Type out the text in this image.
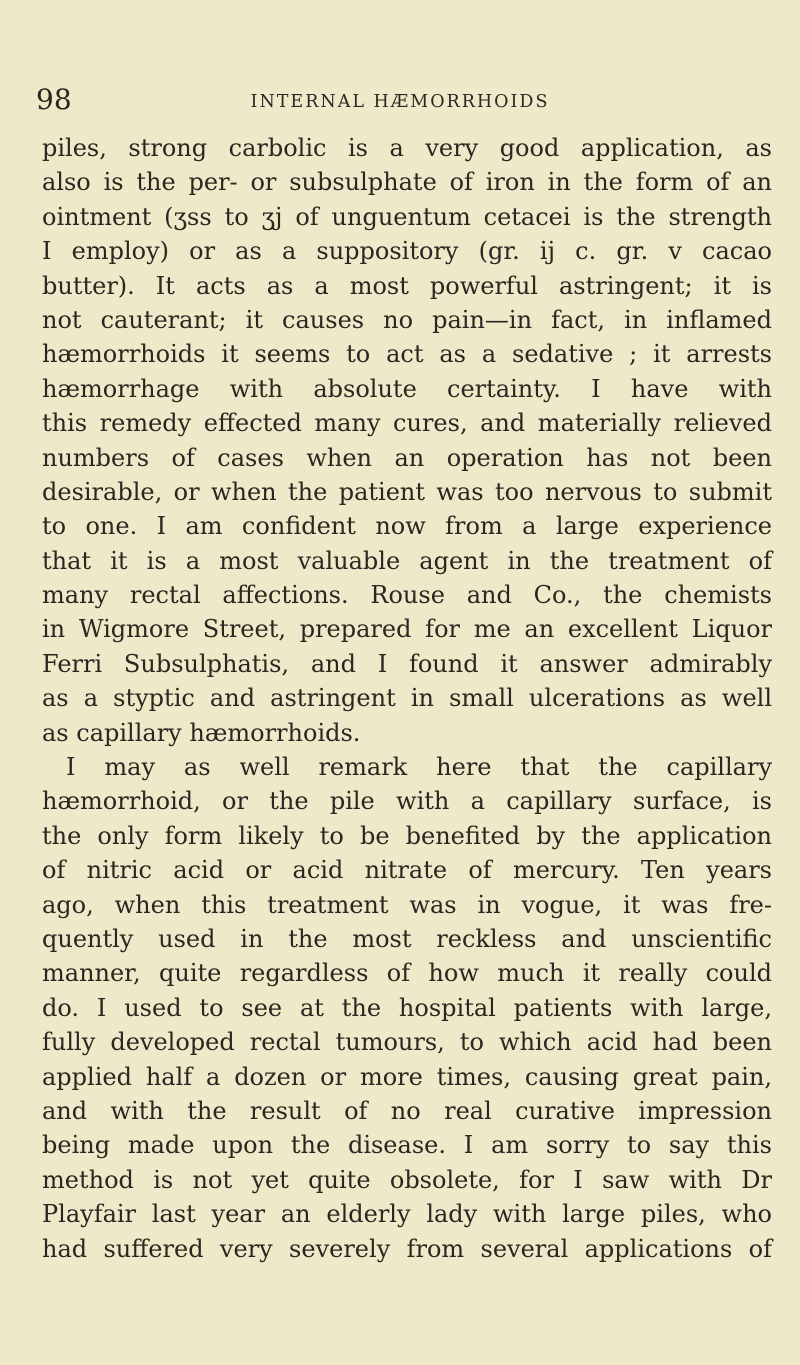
98	INTERNAL HÆMORRHOIDS
piles, strong carbolic is a very good application, as
also is the per- or subsulphate of iron in the form of an
ointment (ʒss to ʒj of unguentum cetacei is the strength
I employ) or as a suppository (gr. ij c. gr. v cacao
butter). It acts as a most powerful astringent; it is
not cauterant; it causes no pain—in fact, in inflamed
hæmorrhoids it seems to act as a sedative ; it arrests
hæmorrhage with absolute certainty. I have with
this remedy effected many cures, and materially relieved
numbers of cases when an operation has not been
desirable, or when the patient was too nervous to submit
to one. I am confident now from a large experience
that it is a most valuable agent in the treatment of
many rectal affections. Rouse and Co., the chemists
in Wigmore Street, prepared for me an excellent Liquor
Ferri Subsulphatis, and I found it answer admirably
as a styptic and astringent in small ulcerations as well
as capillary hæmorrhoids.
I may as well remark here that the capillary
hæmorrhoid, or the pile with a capillary surface, is
the only form likely to be benefited by the application
of nitric acid or acid nitrate of mercury. Ten years
ago, when this treatment was in vogue, it was fre-
quently used in the most reckless and unscientific
manner, quite regardless of how much it really could
do. I used to see at the hospital patients with large,
fully developed rectal tumours, to which acid had been
applied half a dozen or more times, causing great pain,
and with the result of no real curative impression
being made upon the disease. I am sorry to say this
method is not yet quite obsolete, for I saw with Dr
Playfair last year an elderly lady with large piles, who
had suffered very severely from several applications of
